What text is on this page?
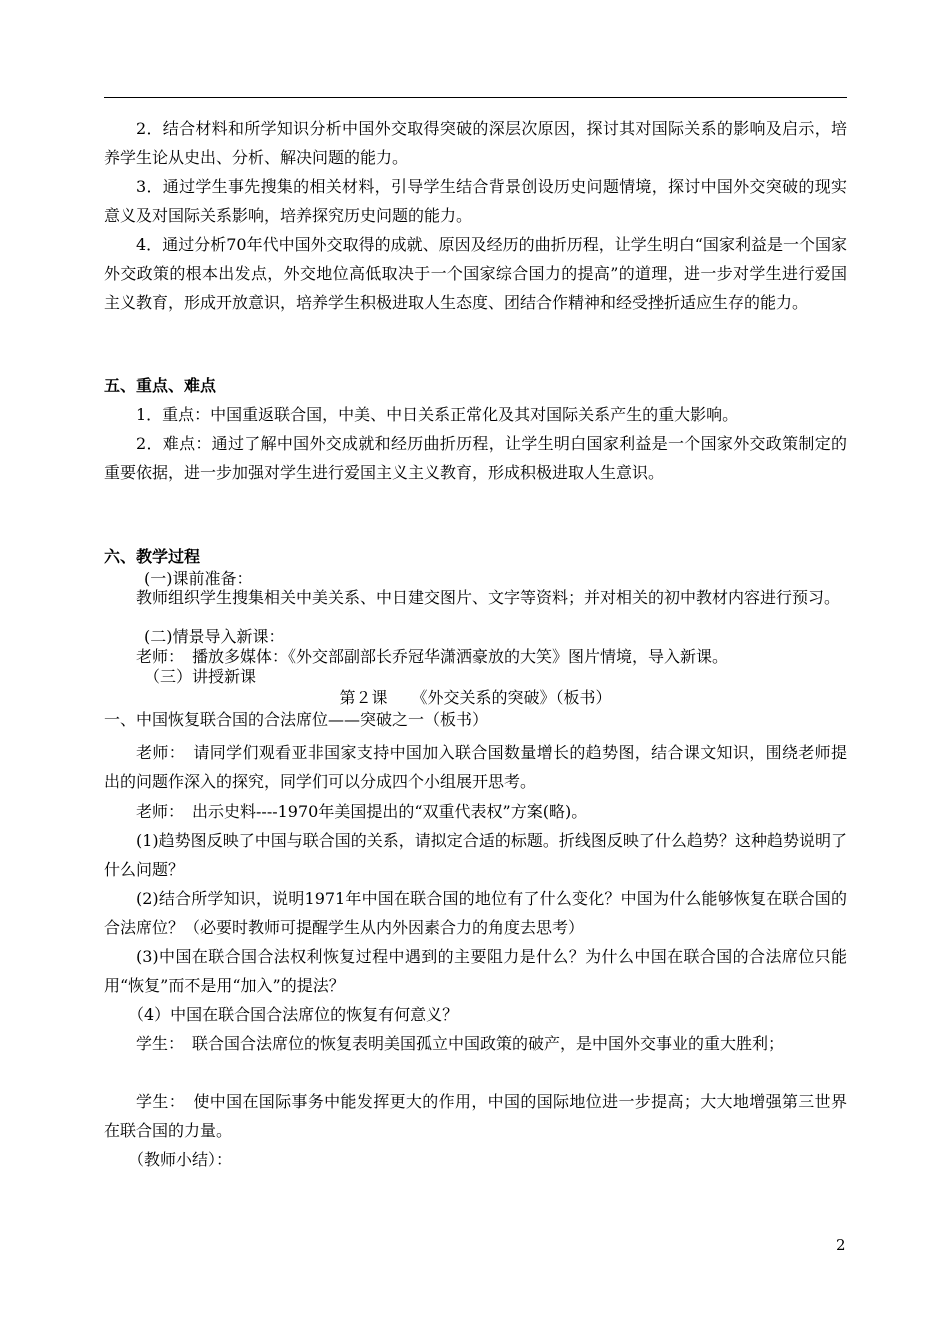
2．结合材料和所学知识分析中国外交取得突破的深层次原因，探讨其对国际关系的影响及启示，培养学生论从史出、分析、解决问题的能力。

3．通过学生事先搜集的相关材料，引导学生结合背景创设历史问题情境，探讨中国外交突破的现实意义及对国际关系影响，培养探究历史问题的能力。

4．通过分析70年代中国外交取得的成就、原因及经历的曲折历程，让学生明白“国家利益是一个国家外交政策的根本出发点，外交地位高低取决于一个国家综合国力的提高”的道理，进一步对学生进行爱国主义教育，形成开放意识，培养学生积极进取人生态度、团结合作精神和经受挫折适应生存的能力。

五、重点、难点

1．重点：中国重返联合国，中美、中日关系正常化及其对国际关系产生的重大影响。

2．难点：通过了解中国外交成就和经历曲折历程，让学生明白国家利益是一个国家外交政策制定的重要依据，进一步加强对学生进行爱国主义主义教育，形成积极进取人生意识。

六、教学过程

(一)课前准备：

教师组织学生搜集相关中美关系、中日建交图片、文字等资料；并对相关的初中教材内容进行预习。

(二)情景导入新课：

老师：　播放多媒体：《外交部副部长乔冠华潇洒豪放的大笑》图片情境，导入新课。

（三）讲授新课

第２课　　《外交关系的突破》（板书）

一、中国恢复联合国的合法席位——突破之一（板书）

老师：　请同学们观看亚非国家支持中国加入联合国数量增长的趋势图，结合课文知识，围绕老师提出的问题作深入的探究，同学们可以分成四个小组展开思考。

老师：　出示史料----1970年美国提出的“双重代表权”方案(略)。

(1)趋势图反映了中国与联合国的关系，请拟定合适的标题。折线图反映了什么趋势？这种趋势说明了什么问题？

(2)结合所学知识，说明1971年中国在联合国的地位有了什么变化？中国为什么能够恢复在联合国的合法席位？（必要时教师可提醒学生从内外因素合力的角度去思考）

(3)中国在联合国合法权利恢复过程中遇到的主要阻力是什么？为什么中国在联合国的合法席位只能用“恢复”而不是用“加入”的提法？

（4）中国在联合国合法席位的恢复有何意义？

学生：　联合国合法席位的恢复表明美国孤立中国政策的破产，是中国外交事业的重大胜利；

学生：　使中国在国际事务中能发挥更大的作用，中国的国际地位进一步提高；大大地增强第三世界在联合国的力量。

（教师小结）：

2
